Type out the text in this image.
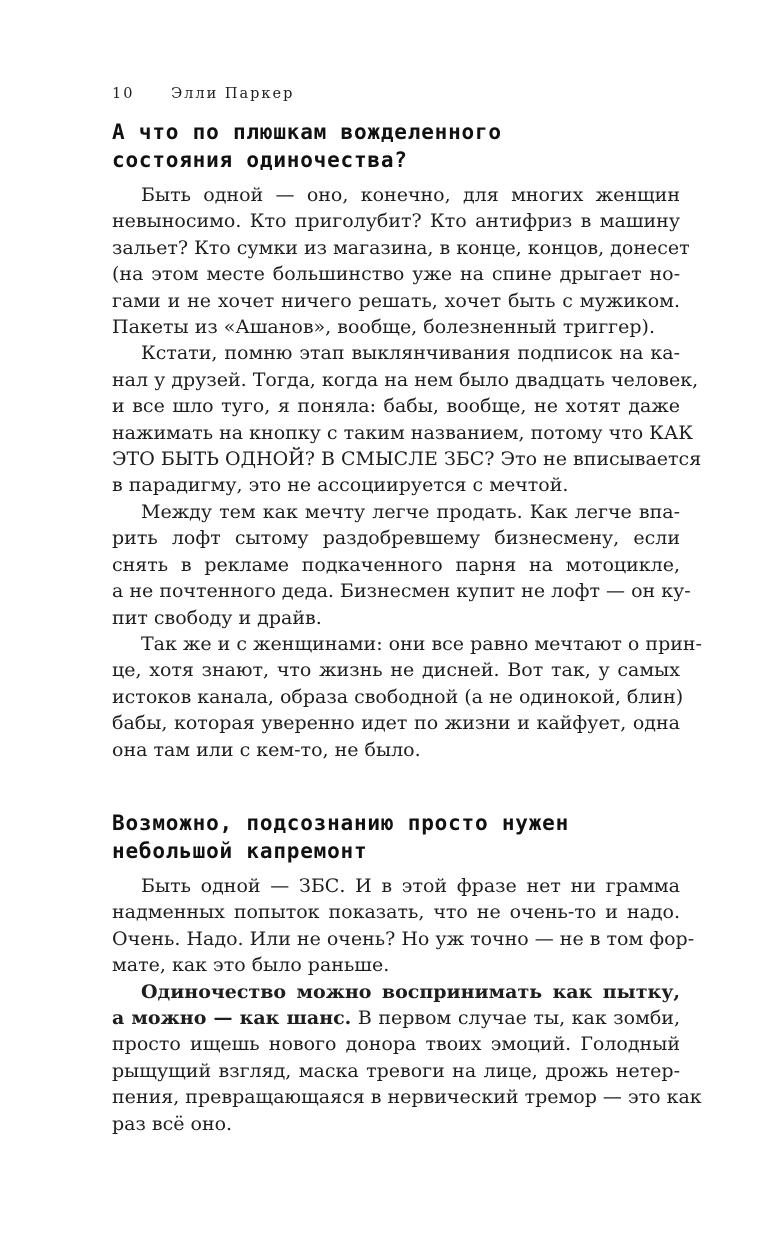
10	Элли Паркер
А что по плюшкам вожделенного
состояния одиночества?

Быть одной — оно, конечно, для многих женщин
невыносимо. Кто приголубит? Кто антифриз в машину
зальет? Кто сумки из магазина, в конце, концов, донесет
(на этом месте большинство уже на спине дрыгает но-
гами и не хочет ничего решать, хочет быть с мужиком.
Пакеты из «Ашанов», вообще, болезненный триггер).

Кстати, помню этап выклянчивания подписок на ка-
нал у друзей. Тогда, когда на нем было двадцать человек,
и все шло туго, я поняла: бабы, вообще, не хотят даже
нажимать на кнопку с таким названием, потому что КАК
ЭТО БЫТЬ ОДНОЙ? В СМЫСЛЕ ЗБС? Это не вписывается
в парадигму, это не ассоциируется с мечтой.

Между тем как мечту легче продать. Как легче впа-
рить лофт сытому раздобревшему бизнесмену, если
снять в рекламе подкаченного парня на мотоцикле,
а не почтенного деда. Бизнесмен купит не лофт — он ку-
пит свободу и драйв.

Так же и с женщинами: они все равно мечтают о прин-
це, хотя знают, что жизнь не дисней. Вот так, у самых
истоков канала, образа свободной (а не одинокой, блин)
бабы, которая уверенно идет по жизни и кайфует, одна
она там или с кем-то, не было.

Возможно, подсознанию просто нужен
небольшой капремонт

Быть одной — ЗБС. И в этой фразе нет ни грамма
надменных попыток показать, что не очень-то и надо.
Очень. Надо. Или не очень? Но уж точно — не в том фор-
мате, как это было раньше.

Одиночество можно воспринимать как пытку,
а можно — как шанс. В первом случае ты, как зомби,
просто ищешь нового донора твоих эмоций. Голодный
рыщущий взгляд, маска тревоги на лице, дрожь нетер-
пения, превращающаяся в нервический тремор — это как
раз всё оно.
